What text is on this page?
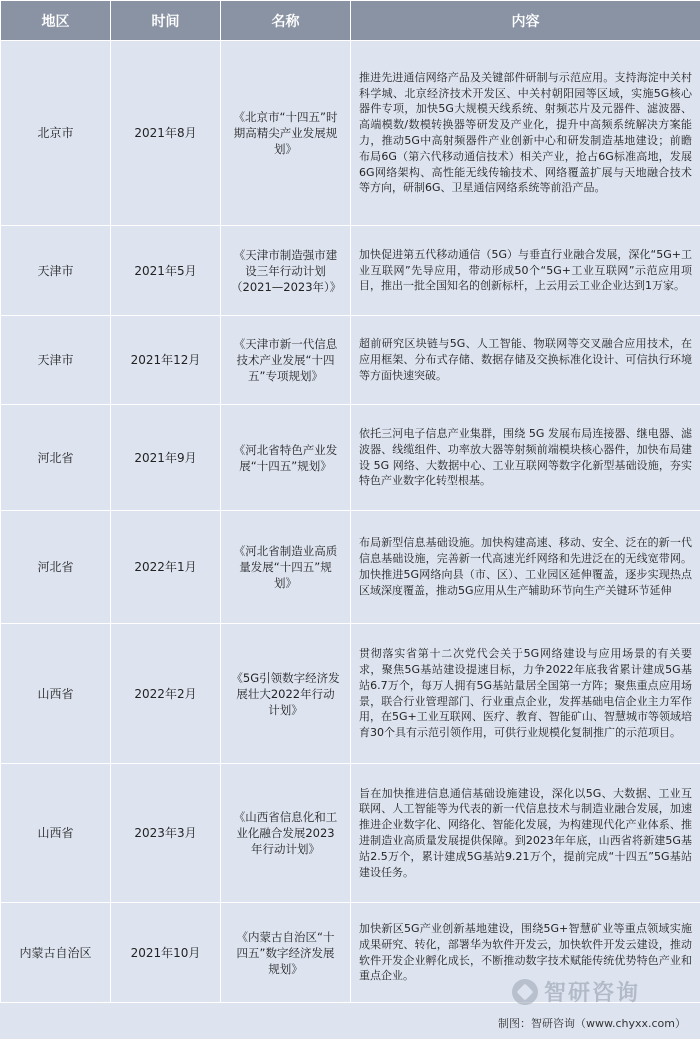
地区	时间	名称	内容
北京市	2021年8月	《北京市“十四五”时期高精尖产业发展规划》	推进先进通信网络产品及关键部件研制与示范应用。支持海淀中关村科学城、北京经济技术开发区、中关村朝阳园等区域，实施5G核心器件专项，加快5G大规模天线系统、射频芯片及元器件、滤波器、高端模数/数模转换器等研发及产业化，提升中高频系统解决方案能力，推动5G中高射频器件产业创新中心和研发制造基地建设；前瞻布局6G（第六代移动通信技术）相关产业，抢占6G标准高地，发展6G网络架构、高性能无线传输技术、网络覆盖扩展与天地融合技术等方向，研制6G、卫星通信网络系统等前沿产品。
天津市	2021年5月	《天津市制造强市建设三年行动计划（2021—2023年）》	加快促进第五代移动通信（5G）与垂直行业融合发展，深化“5G+工业互联网”先导应用，带动形成50个“5G+工业互联网”示范应用项目，推出一批全国知名的创新标杆，上云用云工业企业达到1万家。
天津市	2021年12月	《天津市新一代信息技术产业发展“十四五”专项规划》	超前研究区块链与5G、人工智能、物联网等交叉融合应用技术，在应用框架、分布式存储、数据存储及交换标准化设计、可信执行环境等方面快速突破。
河北省	2021年9月	《河北省特色产业发展“十四五”规划》	依托三河电子信息产业集群，围绕 5G 发展布局连接器、继电器、滤波器、线缆组件、功率放大器等射频前端模块核心器件，加快布局建设 5G 网络、大数据中心、工业互联网等数字化新型基础设施，夯实特色产业数字化转型根基。
河北省	2022年1月	《河北省制造业高质量发展“十四五”规划》	布局新型信息基础设施。加快构建高速、移动、安全、泛在的新一代信息基础设施，完善新一代高速光纤网络和先进泛在的无线宽带网。加快推进5G网络向县（市、区）、工业园区延伸覆盖，逐步实现热点区域深度覆盖，推动5G应用从生产辅助环节向生产关键环节延伸
山西省	2022年2月	《5G引领数字经济发展壮大2022年行动计划》	贯彻落实省第十二次党代会关于5G网络建设与应用场景的有关要求，聚焦5G基站建设提速目标，力争2022年底我省累计建成5G基站6.7万个，每万人拥有5G基站量居全国第一方阵；聚焦重点应用场景，联合行业管理部门、行业重点企业，发挥基础电信企业主力军作用，在5G+工业互联网、医疗、教育、智能矿山、智慧城市等领域培育30个具有示范引领作用，可供行业规模化复制推广的示范项目。
山西省	2023年3月	《山西省信息化和工业化融合发展2023年行动计划》	旨在加快推进信息通信基础设施建设，深化以5G、大数据、工业互联网、人工智能等为代表的新一代信息技术与制造业融合发展，加速推进企业数字化、网络化、智能化发展，为构建现代化产业体系、推进制造业高质量发展提供保障。到2023年年底，山西省将新建5G基站2.5万个，累计建成5G基站9.21万个，提前完成“十四五”5G基站建设任务。
内蒙古自治区	2021年10月	《内蒙古自治区“十四五”数字经济发展规划》	加快新区5G产业创新基地建设，围绕5G+智慧矿业等重点领域实施成果研究、转化，部署华为软件开发云，加快软件开发云建设，推动软件开发企业孵化成长，不断推动数字技术赋能传统优势特色产业和重点企业。
智研咨询
制图：智研咨询（www.chyxx.com）
